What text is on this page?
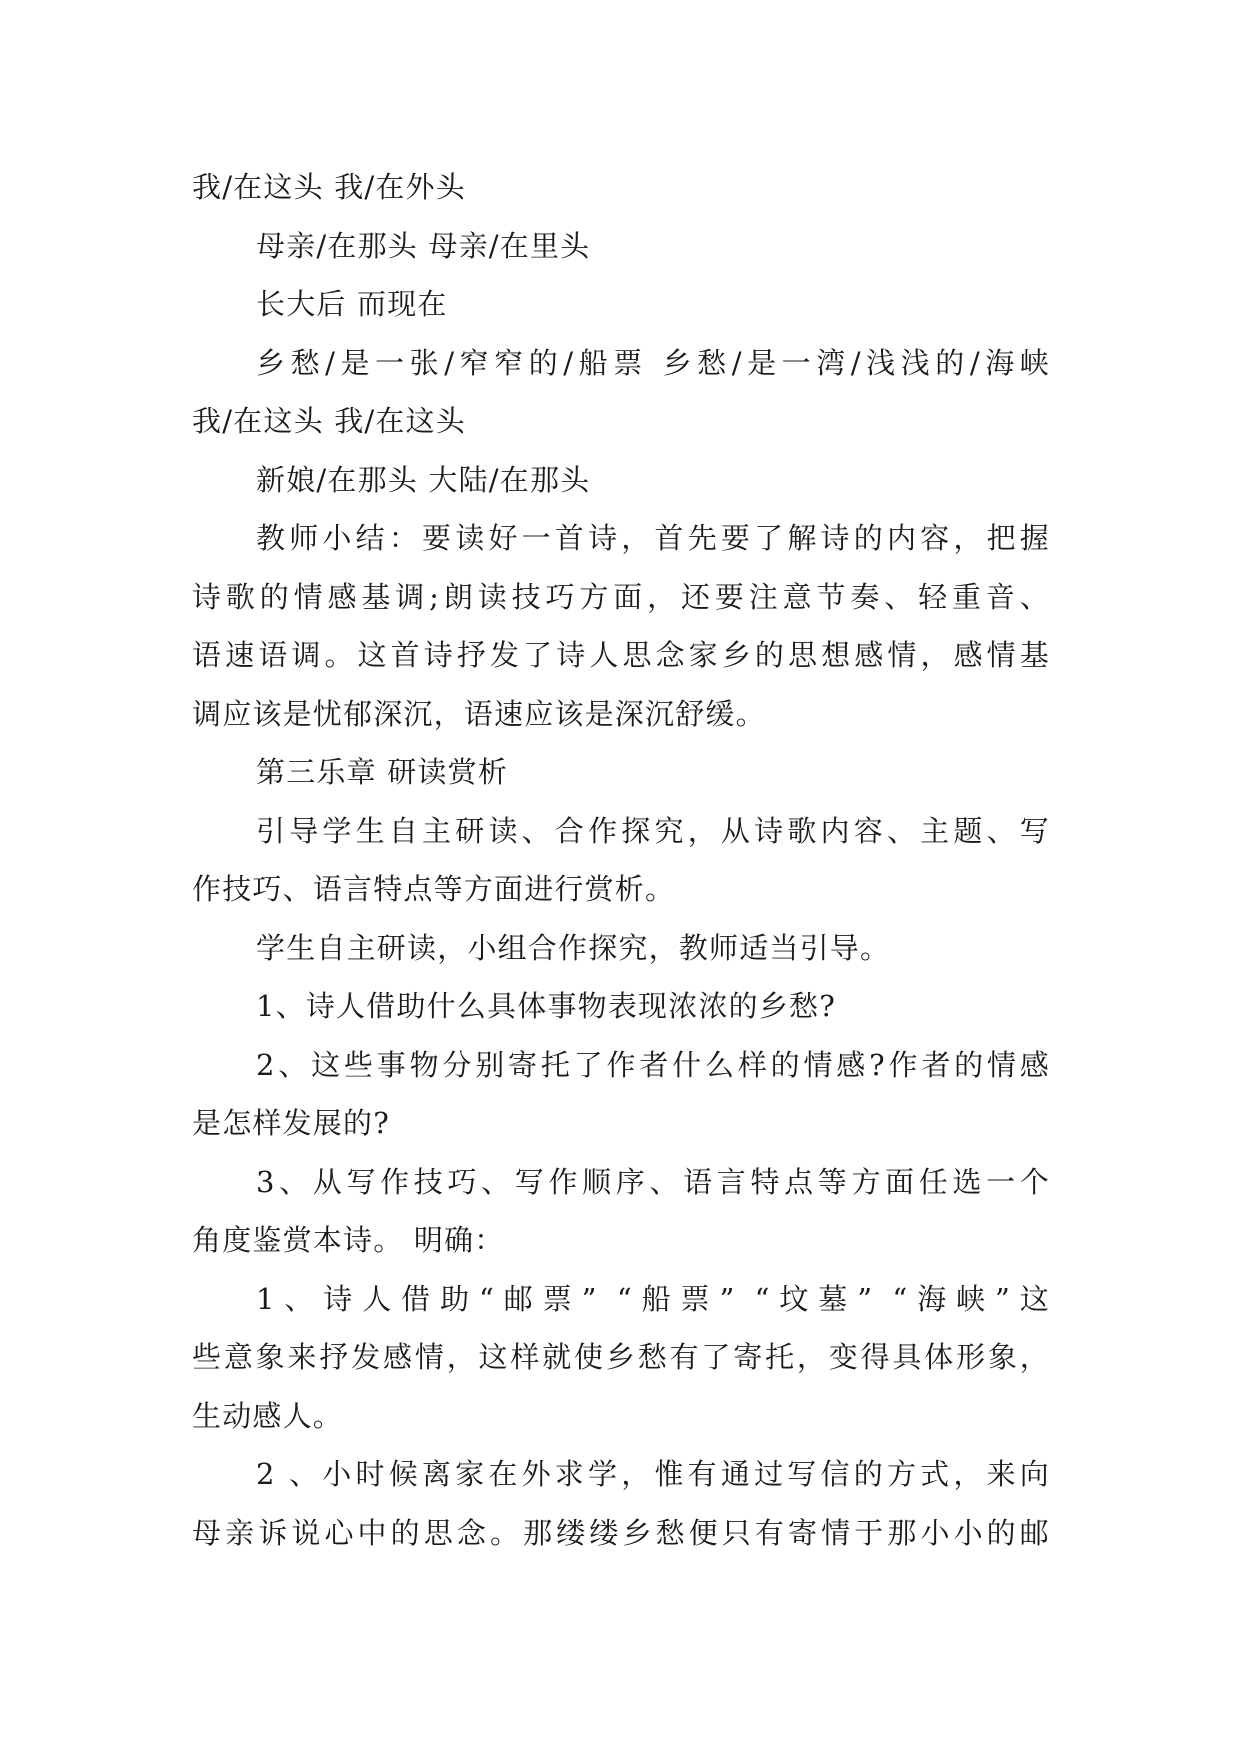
我/在这头 我/在外头
母亲/在那头 母亲/在里头
长大后 而现在
乡愁/是一张/窄窄的/船票 乡愁/是一湾/浅浅的/海峡
我/在这头 我/在这头
新娘/在那头 大陆/在那头
教师小结：要读好一首诗，首先要了解诗的内容，把握
诗歌的情感基调;朗读技巧方面，还要注意节奏、轻重音、
语速语调。这首诗抒发了诗人思念家乡的思想感情，感情基
调应该是忧郁深沉，语速应该是深沉舒缓。
第三乐章 研读赏析
引导学生自主研读、合作探究，从诗歌内容、主题、写
作技巧、语言特点等方面进行赏析。
学生自主研读，小组合作探究，教师适当引导。
1、诗人借助什么具体事物表现浓浓的乡愁?
2、这些事物分别寄托了作者什么样的情感?作者的情感
是怎样发展的?
3、从写作技巧、写作顺序、语言特点等方面任选一个
角度鉴赏本诗。 明确：
1、诗人借助“邮票” “船票” “坟墓” “海峡”这
些意象来抒发感情，这样就使乡愁有了寄托，变得具体形象，
生动感人。
2 、小时候离家在外求学，惟有通过写信的方式，来向
母亲诉说心中的思念。那缕缕乡愁便只有寄情于那小小的邮
